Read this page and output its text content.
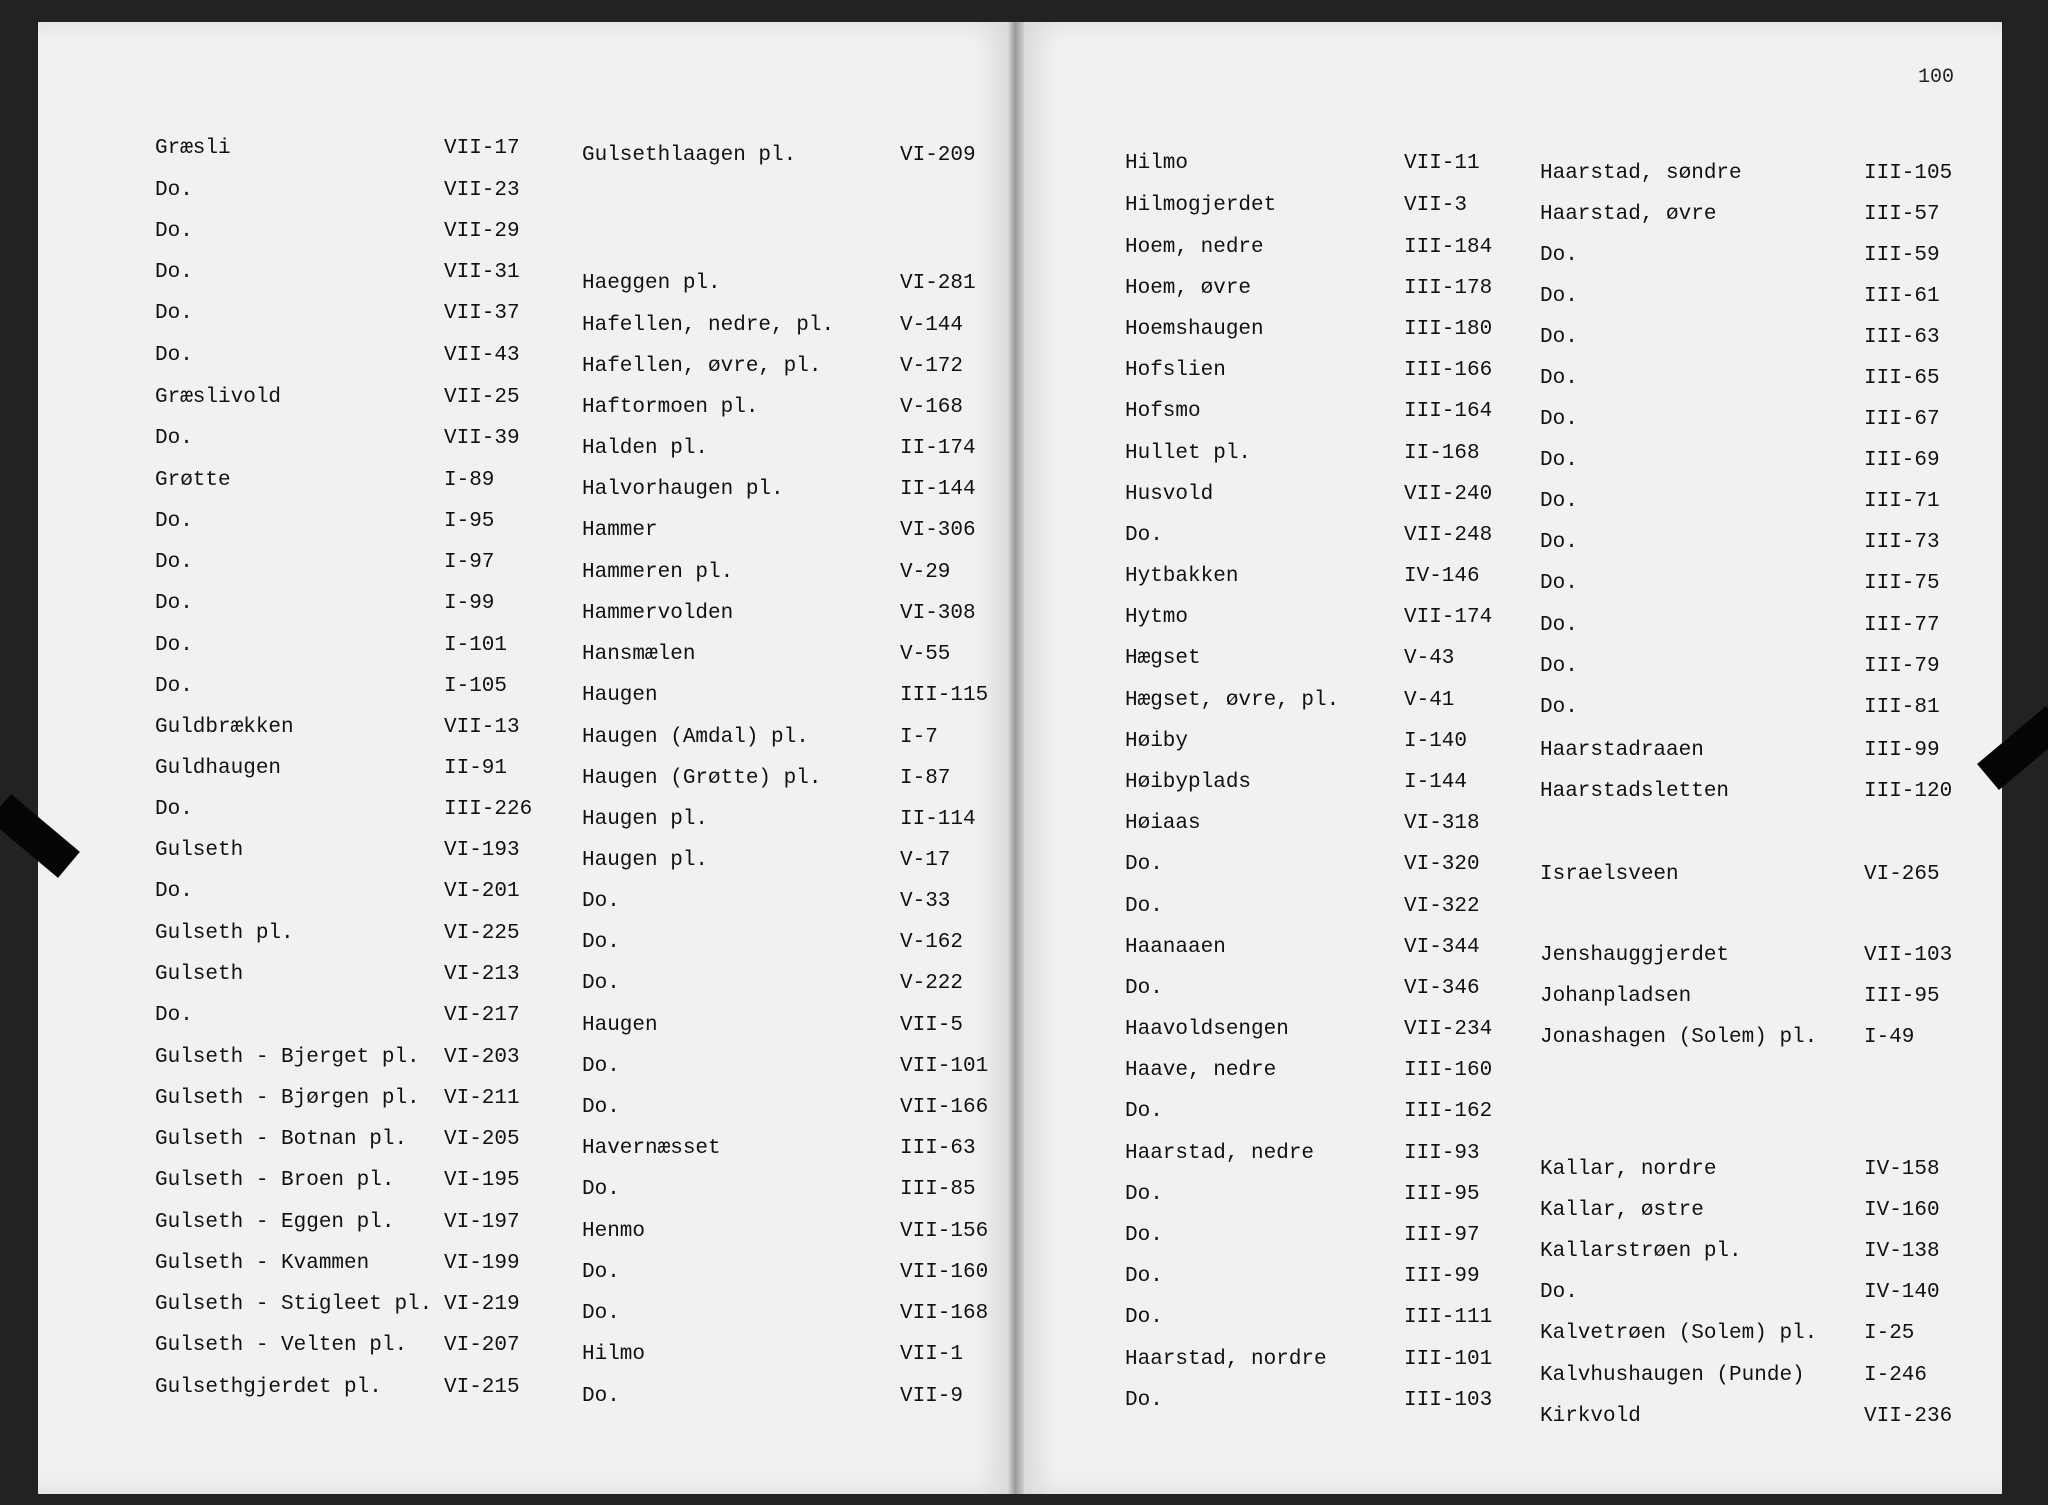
100
Græsli	VII-17
Do.	VII-23
Do.	VII-29
Do.	VII-31
Do.	VII-37
Do.	VII-43
Græslivold	VII-25
Do.	VII-39
Grøtte	I-89
Do.	I-95
Do.	I-97
Do.	I-99
Do.	I-101
Do.	I-105
Guldbrækken	VII-13
Guldhaugen	II-91
Do.	III-226
Gulseth	VI-193
Do.	VI-201
Gulseth pl.	VI-225
Gulseth	VI-213
Do.	VI-217
Gulseth - Bjerget pl. VI-203
Gulseth - Bjørgen pl. VI-211
Gulseth - Botnan pl. VI-205
Gulseth - Broen pl. VI-195
Gulseth - Eggen pl. VI-197
Gulseth - Kvammen	VI-199
Gulseth - Stigleet pl. VI-219
Gulseth - Velten pl. VI-207
Gulsethgjerdet pl.	VI-215
Gulsethlaagen pl.	VI-209
Haeggen pl.	VI-281
Hafellen, nedre, pl.	V-144
Hafellen, øvre, pl.	V-172
Haftormoen pl.	V-168
Halden pl.	II-174
Halvorhaugen pl.	II-144
Hammer	VI-306
Hammeren pl.	V-29
Hammervolden	VI-308
Hansmælen	V-55
Haugen	III-115
Haugen (Amdal) pl.	I-7
Haugen (Grøtte) pl.	I-87
Haugen pl.	II-114
Haugen pl.	V-17
Do.	V-33
Do.	V-162
Do.	V-222
Haugen	VII-5
Do.	VII-101
Do.	VII-166
Havernæsset	III-63
Do.	III-85
Henmo	VII-156
Do.	VII-160
Do.	VII-168
Hilmo	VII-1
Do.	VII-9
Hilmo	VII-11
Hilmogjerdet	VII-3
Hoem, nedre	III-184
Hoem, øvre	III-178
Hoemshaugen	III-180
Hofslien	III-166
Hofsmo	III-164
Hullet pl.	II-168
Husvold	VII-240
Do.	VII-248
Hytbakken	IV-146
Hytmo	VII-174
Hægset	V-43
Hægset, øvre, pl.	V-41
Høiby	I-140
Høibyplads	I-144
Høiaas	VI-318
Do.	VI-320
Do.	VI-322
Haanaaen	VI-344
Do.	VI-346
Haavoldsengen	VII-234
Haave, nedre	III-160
Do.	III-162
Haarstad, nedre	III-93
Do.	III-95
Do.	III-97
Do.	III-99
Do.	III-111
Haarstad, nordre	III-101
Do.	III-103
Haarstad, søndre	III-105
Haarstad, øvre	III-57
Do.	III-59
Do.	III-61
Do.	III-63
Do.	III-65
Do.	III-67
Do.	III-69
Do.	III-71
Do.	III-73
Do.	III-75
Do.	III-77
Do.	III-79
Do.	III-81
Haarstadraaen	III-99
Haarstadsletten	III-120
Israelsveen	VI-265
Jenshauggjerdet	VII-103
Johanpladsen	III-95
Jonashagen (Solem) pl. I-49
Kallar, nordre	IV-158
Kallar, østre	IV-160
Kallarstrøen pl.	IV-138
Do.	IV-140
Kalvetrøen (Solem) pl. I-25
Kalvhushaugen (Punde)	I-246
Kirkvold	VII-236
